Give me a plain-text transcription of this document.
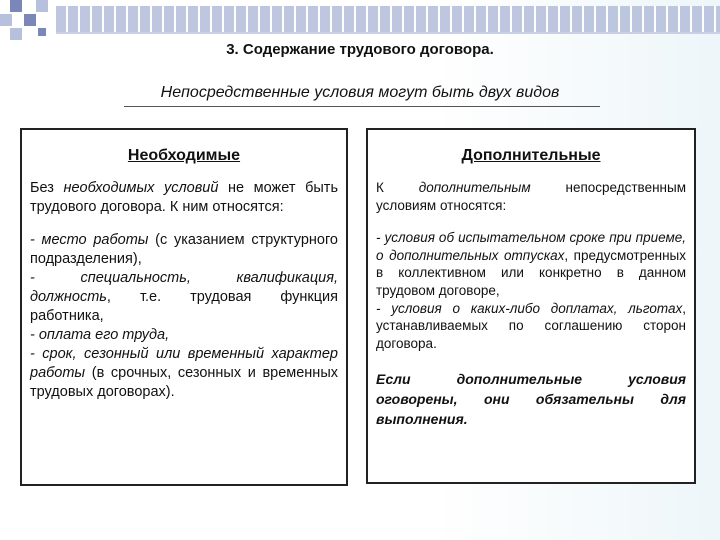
3. Содержание трудового договора.
Непосредственные условия могут быть двух видов
Необходимые

Без необходимых условий не может быть трудового договора. К ним относятся:

- место работы (с указанием структурного подразделения),
- специальность, квалификация, должность, т.е. трудовая функция работника,
- оплата его труда,
- срок, сезонный или временный характер работы (в срочных, сезонных и временных трудовых договорах).

Дополнительные

К дополнительным непосредственным условиям относятся:

- условия об испытательном сроке при приеме, о дополнительных отпусках, предусмотренных в коллективном или конкретно в данном трудовом договоре,
- условия о каких-либо доплатах, льготах, устанавливаемых по соглашению сторон договора.

Если дополнительные условия оговорены, они обязательны для выполнения.
